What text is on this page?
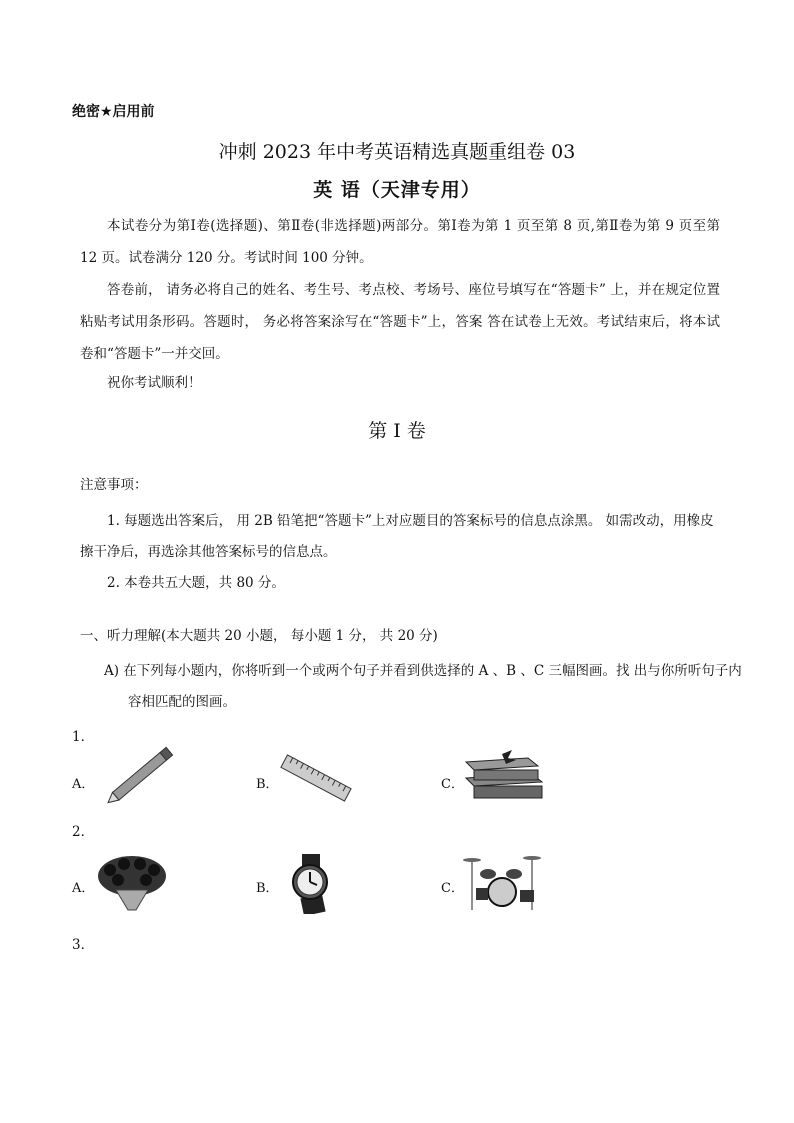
绝密★启用前
冲刺 2023 年中考英语精选真题重组卷 03
英 语（天津专用）
本试卷分为第Ⅰ卷(选择题)、第Ⅱ卷(非选择题)两部分。第Ⅰ卷为第 1 页至第 8 页,第Ⅱ卷为第 9 页至第 12 页。试卷满分 120 分。考试时间 100 分钟。
答卷前， 请务必将自己的姓名、考生号、考点校、考场号、座位号填写在“答题卡” 上，并在规定位置粘贴考试用条形码。答题时， 务必将答案涂写在“答题卡”上，答案 答在试卷上无效。考试结束后，将本试卷和“答题卡”一并交回。
祝你考试顺利！
第 I 卷
注意事项：
1. 每题选出答案后， 用 2B 铅笔把“答题卡”上对应题目的答案标号的信息点涂黑。 如需改动，用橡皮擦干净后，再选涂其他答案标号的信息点。
2. 本卷共五大题，共 80 分。
一、听力理解(本大题共 20 小题， 每小题 1 分， 共 20 分)
A) 在下列每小题内，你将听到一个或两个句子并看到供选择的 A 、B 、C 三幅图画。找 出与你所听句子内容相匹配的图画。
1．
A．	B．	C．
2．
A．	B．	C．
3．
